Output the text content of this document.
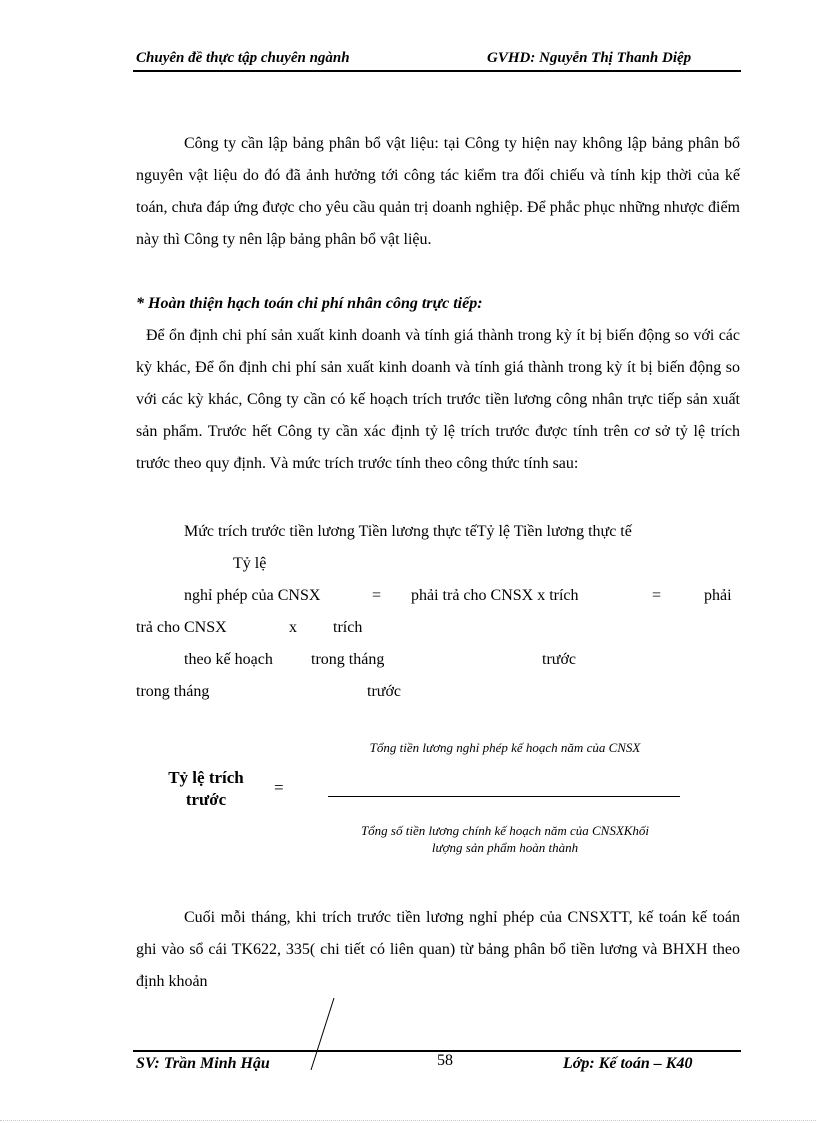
Chuyên đề thực tập chuyên ngành	GVHD: Nguyễn Thị Thanh Diệp
Công ty cần lập bảng phân bổ vật liệu: tại Công ty hiện nay không lập bảng phân bổ nguyên vật liệu do đó đã ảnh hưởng tới công tác kiểm tra đối chiếu và tính kịp thời của kế toán, chưa đáp ứng được cho yêu cầu quản trị doanh nghiệp. Để phắc phục những nhược điểm này thì Công ty nên lập bảng phân bổ vật liệu.
* Hoàn thiện hạch toán chi phí nhân công trực tiếp:
Để ổn định chi phí sản xuất kinh doanh và tính giá thành trong kỳ ít bị biến động so với các kỳ khác, Để ổn định chi phí sản xuất kinh doanh và tính giá thành trong kỳ ít bị biến động so với các kỳ khác, Công ty cần có kế hoạch trích trước tiền lương công nhân trực tiếp sản xuất sản phẩm. Trước hết Công ty cần xác định tỷ lệ trích trước được tính trên cơ sở tỷ lệ trích trước theo quy định. Và mức trích trước tính theo công thức tính sau:
Mức trích trước tiền lương Tiền lương thực tếTỷ lệ Tiền lương thực tế
Tỷ lệ
nghỉ phép của CNSX	= phải trả cho CNSX x trích	=	phải
trả cho CNSX	x trích
theo kế hoạch trong tháng	trước
trong tháng	trước
Tỷ lệ trích trước
=
Tổng tiền lương nghỉ phép kế hoạch năm của CNSX
Tổng số tiền lương chính kế hoạch năm của CNSXKhối lượng sản phẩm hoàn thành
Cuối mỗi tháng, khi trích trước tiền lương nghỉ phép của CNSXTT, kế toán kế toán ghi vào sổ cái TK622, 335( chi tiết có liên quan) từ bảng phân bổ tiền lương và BHXH theo định khoản
SV: Trần Minh Hậu	58	Lớp: Kế toán – K40
